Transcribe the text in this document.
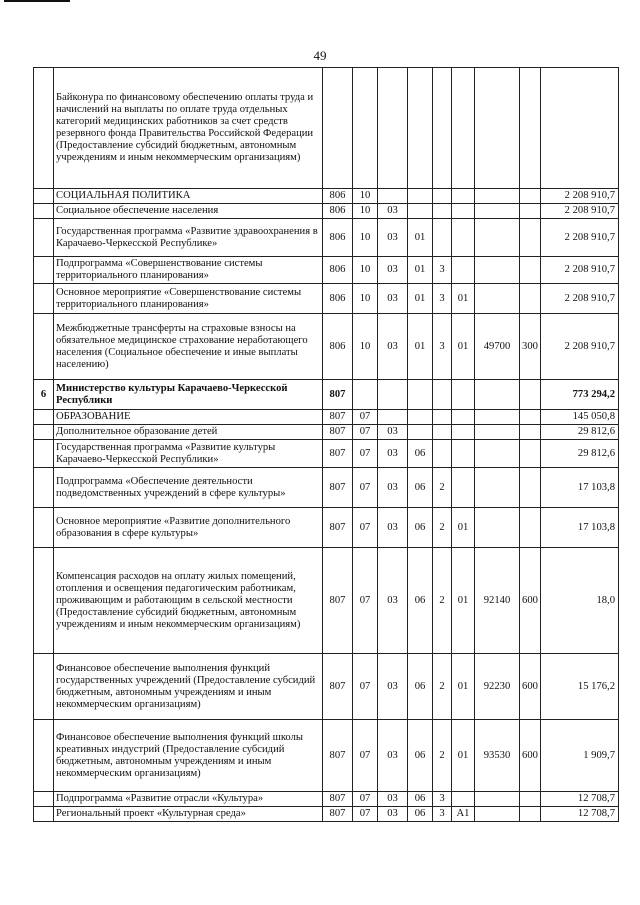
49
	Байконура по финансовому обеспечению оплаты труда и начислений на выплаты по оплате труда отдельных категорий медицинских работников за счет средств резервного фонда Правительства Российской Федерации (Предоставление субсидий бюджетным, автономным учреждениям и иным некоммерческим организациям)									
	СОЦИАЛЬНАЯ ПОЛИТИКА	806	10							2 208 910,7
	Социальное обеспечение населения	806	10	03						2 208 910,7
	Государственная программа «Развитие здравоохранения в Карачаево-Черкесской Республике»	806	10	03	01					2 208 910,7
	Подпрограмма «Совершенствование системы территориального планирования»	806	10	03	01	3				2 208 910,7
	Основное мероприятие «Совершенствование системы территориального планирования»	806	10	03	01	3	01			2 208 910,7
	Межбюджетные трансферты на страховые взносы на обязательное медицинское страхование неработающего населения (Социальное обеспечение и иные выплаты населению)	806	10	03	01	3	01	49700	300	2 208 910,7
6	Министерство культуры Карачаево-Черкесской Республики	807								773 294,2
	ОБРАЗОВАНИЕ	807	07							145 050,8
	Дополнительное образование детей	807	07	03						29 812,6
	Государственная программа «Развитие культуры Карачаево-Черкесской Республики»	807	07	03	06					29 812,6
	Подпрограмма «Обеспечение деятельности подведомственных учреждений в сфере культуры»	807	07	03	06	2				17 103,8
	Основное мероприятие «Развитие дополнительного образования в сфере культуры»	807	07	03	06	2	01			17 103,8
	Компенсация расходов на оплату жилых помещений, отопления и освещения педагогическим работникам, проживающим и работающим в сельской местности (Предоставление субсидий бюджетным, автономным учреждениям и иным некоммерческим организациям)	807	07	03	06	2	01	92140	600	18,0
	Финансовое обеспечение выполнения функций государственных учреждений (Предоставление субсидий бюджетным, автономным учреждениям и иным некоммерческим организациям)	807	07	03	06	2	01	92230	600	15 176,2
	Финансовое обеспечение выполнения функций школы креативных индустрий (Предоставление субсидий бюджетным, автономным учреждениям и иным некоммерческим организациям)	807	07	03	06	2	01	93530	600	1 909,7
	Подпрограмма «Развитие отрасли «Культура»	807	07	03	06	3				12 708,7
	Региональный проект «Культурная среда»	807	07	03	06	3	A1			12 708,7
